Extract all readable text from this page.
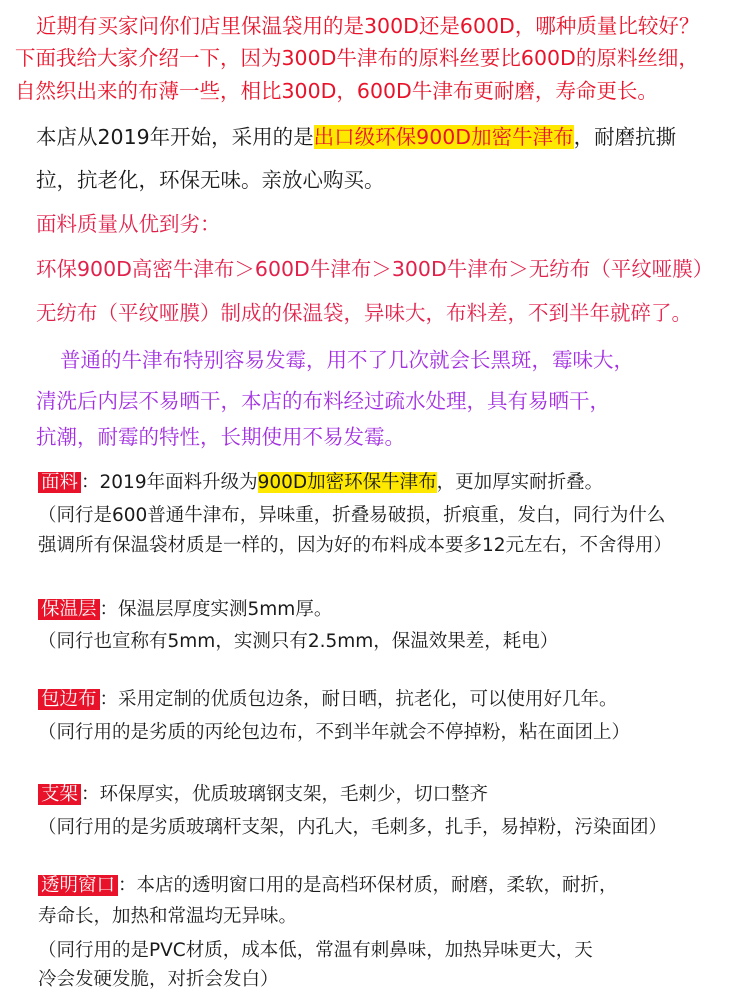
近期有买家问你们店里保温袋用的是300D还是600D，哪种质量比较好？
下面我给大家介绍一下，因为300D牛津布的原料丝要比600D的原料丝细，
自然织出来的布薄一些，相比300D，600D牛津布更耐磨，寿命更长。
本店从2019年开始，采用的是出口级环保900D加密牛津布，耐磨抗撕
拉，抗老化，环保无味。亲放心购买。
面料质量从优到劣：
环保900D高密牛津布＞600D牛津布＞300D牛津布＞无纺布（平纹哑膜）
无纺布（平纹哑膜）制成的保温袋，异味大，布料差，不到半年就碎了。
普通的牛津布特别容易发霉，用不了几次就会长黑斑，霉味大，
清洗后内层不易晒干，本店的布料经过疏水处理，具有易晒干，
抗潮，耐霉的特性，长期使用不易发霉。
面料 ：2019年面料升级为900D加密环保牛津布，更加厚实耐折叠。
（同行是600普通牛津布，异味重，折叠易破损，折痕重，发白，同行为什么
强调所有保温袋材质是一样的，因为好的布料成本要多12元左右，不舍得用）
保温层 ：保温层厚度实测5mm厚。
（同行也宣称有5mm，实测只有2.5mm，保温效果差，耗电）
包边布 ：采用定制的优质包边条，耐日晒，抗老化，可以使用好几年。
（同行用的是劣质的丙纶包边布，不到半年就会不停掉粉，粘在面团上）
支架 ：环保厚实，优质玻璃钢支架，毛刺少，切口整齐
（同行用的是劣质玻璃杆支架，内孔大，毛刺多，扎手，易掉粉，污染面团）
透明窗口 ：本店的透明窗口用的是高档环保材质，耐磨，柔软，耐折，
寿命长，加热和常温均无异味。
（同行用的是PVC材质，成本低，常温有刺鼻味，加热异味更大，天
冷会发硬发脆，对折会发白）
